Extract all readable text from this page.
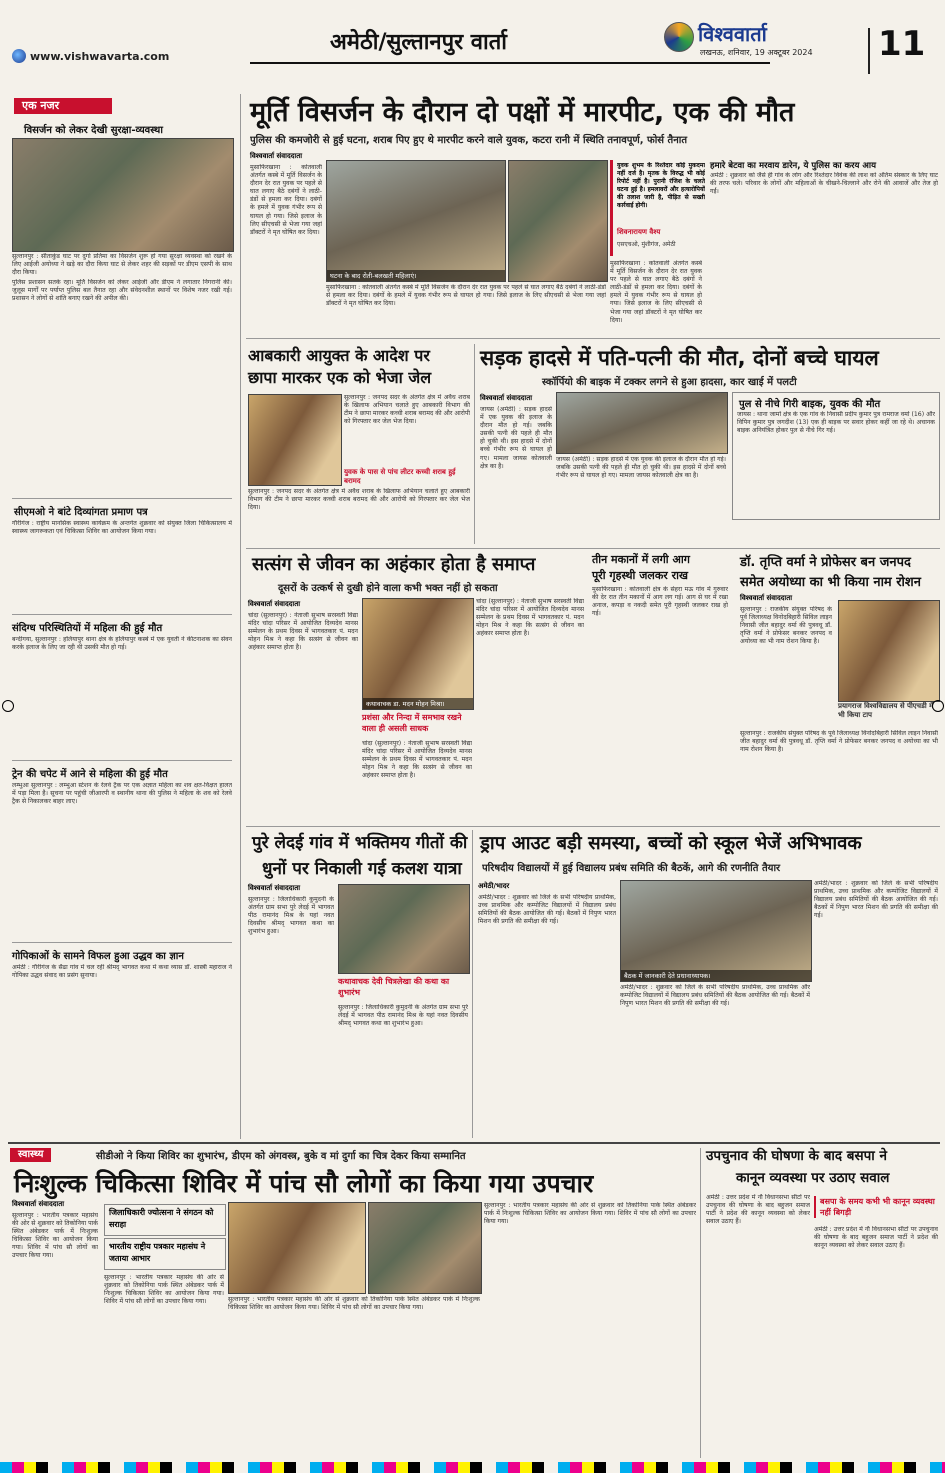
www.vishwavarta.com
अमेठी/सुल्तानपुर वार्ता	विश्ववार्ता
लखनऊ, शनिवार, 19 अक्टूबर 2024 11
एक नजर
विसर्जन को लेकर देखी सुरक्षा-व्यवस्था
सुल्तानपुर : सीताकुंड घाट पर दुर्गा प्रतिमा का विसर्जन शुरू हो गया सुरक्षा व्यवस्था को रखने के लिए आईजी अयोध्या ने खड़े का दौरा किया घाट से लेकर शहर की सड़कों पर डीएम एसपी के साथ दौरा किया।
पुलिस प्रशासन सतर्क रहा। मूर्ति विसर्जन को लेकर आईजी और डीएम ने लगातार निगरानी की। जुलूस मार्गों पर पर्याप्त पुलिस बल तैनात रहा और संवेदनशील स्थानों पर विशेष नजर रखी गई। प्रशासन ने लोगों से शांति बनाए रखने की अपील की।
सीएमओ ने बांटे दिव्यांगता प्रमाण पत्र
गौरीगंज : राष्ट्रीय मानसिक स्वास्थ्य कार्यक्रम के अन्तर्गत शुक्रवार को संयुक्त जिला चिकित्सालय में स्वास्थ्य जागरूकता एवं चिकित्सा शिविर का आयोजन किया गया।
संदिग्ध परिस्थितियों में महिला की हुई मौत
बन्दीगया, सुल्तानपुर : हलियापुर थाना क्षेत्र के हलियापुर कस्बे में एक युवती ने कीटनाशक का सेवन करके इलाज के लिए जा रही थी उसकी मौत हो गई।
ट्रेन की चपेट में आने से महिला की हुई मौत
लम्भुआ सुल्तानपुर : लम्भुआ स्टेशन के रेलवे ट्रैक पर एक अज्ञात महिला का शव क्षत-विक्षत हालत में पड़ा मिला है। सूचना पर पहुंची जीआरपी व स्थानीय थाना की पुलिस ने महिला के शव को रेलवे ट्रैक से निकालकर बाहर लाए।
गोपिकाओं के सामने विफल हुआ उद्धव का ज्ञान
अमेठी : गौरीगंज के सैढा गांव में चल रही श्रीमद् भागवत कथा में कथा व्यास डॉ. शास्त्री महाराज ने गोपिका उद्धव संवाद का प्रसंग सुनाया।
मूर्ति विसर्जन के दौरान दो पक्षों में मारपीट, एक की मौत
पुलिस की कमजोरी से हुई घटना, शराब पिए हुए थे मारपीट करने वाले युवक, कटरा रानी में स्थिति तनावपूर्ण, फोर्स तैनात
विश्ववार्ता संवाददाता
मुसाफिरखाना : कोतवाली अंतर्गत कस्बे में मूर्ति विसर्जन के दौरान देर रात युवक पर पहले से घात लगाए बैठे दबंगों ने लाठी-डंडों से हमला कर दिया। दबंगों के हमले में युवक गंभीर रूप से घायल हो गया। जिसे इलाज के लिए सीएचसी से भेजा गया जहां डॉक्टरों ने मृत घोषित कर दिया।
घटना के बाद रोती-बलखती महिलाएं।
मुसाफिरखाना : कोतवाली अंतर्गत कस्बे में मूर्ति विसर्जन के दौरान देर रात युवक पर पहले से घात लगाए बैठे दबंगों ने लाठी-डंडों से हमला कर दिया। दबंगों के हमले में युवक गंभीर रूप से घायल हो गया। जिसे इलाज के लिए सीएचसी से भेजा गया जहां डॉक्टरों ने मृत घोषित कर दिया।
युवक शुभम के रिश्तेदार कोई मुकदमा नहीं दर्ज है। मृतक के विरुद्ध भी कोई रिपोर्ट नहीं है। पुरानी रंजिश के चलते घटना हुई है। हमलावरों और हत्यारोपियों की तलाश जारी है, पीड़ित से सख्ती कार्रवाई होगी।
शिवनारायण वैश्य
एसएचओ, मुंशीगंज, अमेठी
मुसाफिरखाना : कोतवाली अंतर्गत कस्बे में मूर्ति विसर्जन के दौरान देर रात युवक पर पहले से घात लगाए बैठे दबंगों ने लाठी-डंडों से हमला कर दिया। दबंगों के हमले में युवक गंभीर रूप से घायल हो गया। जिसे इलाज के लिए सीएचसी से भेजा गया जहां डॉक्टरों ने मृत घोषित कर दिया।
हमारे बेटवा का मरवाय डारेन, ये पुलिस का करय आय
अमेठी : शुक्रवार को जैसे ही गांव के लोग और रिश्तेदार विवेक की लाश को अंतिम संस्कार के लिए घाट की तरफ चले। परिवार के लोगों और महिलाओं के चीखने-चिल्लाने और रोने की आवाजें और तेज हो गईं।
आबकारी आयुक्त के आदेश पर
छापा मारकर एक को भेजा जेल
सुल्तानपुर : जनपद सदर के अंतर्गत क्षेत्र में अवैध शराब के खिलाफ अभियान चलाते हुए आबकारी विभाग की टीम ने छापा मारकर कच्ची शराब बरामद की और आरोपी को गिरफ्तार कर जेल भेज दिया।
युवक के पास से पांच लीटर कच्ची शराब हुई बरामद
सुल्तानपुर : जनपद सदर के अंतर्गत क्षेत्र में अवैध शराब के खिलाफ अभियान चलाते हुए आबकारी विभाग की टीम ने छापा मारकर कच्ची शराब बरामद की और आरोपी को गिरफ्तार कर जेल भेज दिया।
सड़क हादसे में पति-पत्नी की मौत, दोनों बच्चे घायल
स्कॉर्पियो की बाइक में टक्कर लगने से हुआ हादसा, कार खाई में पलटी
विश्ववार्ता संवाददाता
जायस (अमेठी) : सड़क हादसे में एक युवक की इलाज के दौरान मौत हो गई। जबकि उसकी पत्नी की पहले ही मौत हो चुकी थी। इस हादसे में दोनों बच्चे गंभीर रूप से घायल हो गए। मामला जायस कोतवाली क्षेत्र का है।
जायस (अमेठी) : सड़क हादसे में एक युवक की इलाज के दौरान मौत हो गई। जबकि उसकी पत्नी की पहले ही मौत हो चुकी थी। इस हादसे में दोनों बच्चे गंभीर रूप से घायल हो गए। मामला जायस कोतवाली क्षेत्र का है।
पुल से नीचे गिरी बाइक, युवक की मौत
जायस : थाना जामों क्षेत्र के एक गांव के निवासी प्रदीप कुमार पुत्र रामराज वर्मा (16) और विपिन कुमार पुत्र जगदीश (13) एक ही बाइक पर सवार होकर कहीं जा रहे थे। अचानक बाइक अनियंत्रित होकर पुल से नीचे गिर गई।
सत्संग से जीवन का अहंकार होता है समाप्त
दूसरों के उत्कर्ष से दुखी होने वाला कभी भक्त नहीं हो सकता
विश्ववार्ता संवाददाता
चांदा (सुल्तानपुर) : नेताजी सुभाष सरस्वती विद्या मंदिर चांदा परिसर में आयोजित दिव्यदेव मानस सम्मेलन के प्रथम दिवस में भागवतकार पं. मदन मोहन मिश्र ने कहा कि सत्संग से जीवन का अहंकार समाप्त होता है।
कथावाचक डा. मदन मोहन मिश्रा।
प्रशंसा और निन्दा में समभाव रखने वाला ही असली साधक
चांदा (सुल्तानपुर) : नेताजी सुभाष सरस्वती विद्या मंदिर चांदा परिसर में आयोजित दिव्यदेव मानस सम्मेलन के प्रथम दिवस में भागवतकार पं. मदन मोहन मिश्र ने कहा कि सत्संग से जीवन का अहंकार समाप्त होता है।
चांदा (सुल्तानपुर) : नेताजी सुभाष सरस्वती विद्या मंदिर चांदा परिसर में आयोजित दिव्यदेव मानस सम्मेलन के प्रथम दिवस में भागवतकार पं. मदन मोहन मिश्र ने कहा कि सत्संग से जीवन का अहंकार समाप्त होता है।
तीन मकानों में लगी आग
पूरी गृहस्थी जलकर राख
मुसाफिरखाना : कोतवाली क्षेत्र के सेहरा मऊ गांव में गुरुवार की देर रात तीन मकानों में आग लग गई। आग से घर में रखा अनाज, कपड़ा व नकदी समेत पूरी गृहस्थी जलकर राख हो गई।
डॉ. तृप्ति वर्मा ने प्रोफेसर बन जनपद
समेत अयोध्या का भी किया नाम रोशन
विश्ववार्ता संवाददाता
सुल्तानपुर : राजकीय संयुक्त परिषद के पूर्व जिलाध्यक्ष विनोदबिहारी सिविल लाइन निवासी जीत बहादुर वर्मा की पुत्रवधू डॉ. तृप्ति वर्मा ने प्रोफेसर बनकर जनपद व अयोध्या का भी नाम रोशन किया है।
प्रयागराज विश्वविद्यालय से पीएचडी में भी किया टाप
सुल्तानपुर : राजकीय संयुक्त परिषद के पूर्व जिलाध्यक्ष विनोदबिहारी सिविल लाइन निवासी जीत बहादुर वर्मा की पुत्रवधू डॉ. तृप्ति वर्मा ने प्रोफेसर बनकर जनपद व अयोध्या का भी नाम रोशन किया है।
पुरे लेदई गांव में भक्तिमय गीतों की
धुनों पर निकाली गई कलश यात्रा
विश्ववार्ता संवाददाता
सुल्तानपुर : जिलाधिकारी कुमुदनी के अंतर्गत ग्राम सभा पुरे लेदई में भागवत पीठ रामानंद मिश्र के यहां नवत दिवसीय श्रीमद् भागवत कथा का शुभारंभ हुआ।
कथावाचक देवी चित्रलेखा की कथा का शुभारंभ
सुल्तानपुर : जिलाधिकारी कुमुदनी के अंतर्गत ग्राम सभा पुरे लेदई में भागवत पीठ रामानंद मिश्र के यहां नवत दिवसीय श्रीमद् भागवत कथा का शुभारंभ हुआ।
ड्राप आउट बड़ी समस्या, बच्चों को स्कूल भेजें अभिभावक
परिषदीय विद्यालयों में हुई विद्यालय प्रबंध समिति की बैठकें, आगे की रणनीति तैयार
अमेठी/भादर
अमेठी/भादर : शुक्रवार को जिले के सभी परिषदीय प्राथमिक, उच्च प्राथमिक और कम्पोजिट विद्यालयों में विद्यालय प्रबंध समितियों की बैठक आयोजित की गई। बैठकों में निपुण भारत मिशन की प्रगति की समीक्षा की गई।
बैठक में जानकारी देते प्रधानाध्यापक।
अमेठी/भादर : शुक्रवार को जिले के सभी परिषदीय प्राथमिक, उच्च प्राथमिक और कम्पोजिट विद्यालयों में विद्यालय प्रबंध समितियों की बैठक आयोजित की गई। बैठकों में निपुण भारत मिशन की प्रगति की समीक्षा की गई।
अमेठी/भादर : शुक्रवार को जिले के सभी परिषदीय प्राथमिक, उच्च प्राथमिक और कम्पोजिट विद्यालयों में विद्यालय प्रबंध समितियों की बैठक आयोजित की गई। बैठकों में निपुण भारत मिशन की प्रगति की समीक्षा की गई।
स्वास्थ्य	सीडीओ ने किया शिविर का शुभारंभ, डीएम को अंगवस्त्र, बुके व मां दुर्गा का चित्र देकर किया सम्मानित
निःशुल्क चिकित्सा शिविर में पांच सौ लोगों का किया गया उपचार
विश्ववार्ता संवाददाता
सुल्तानपुर : भारतीय पत्रकार महासंघ की ओर से शुक्रवार को तिकोनिया पार्क स्थित अंबेडकर पार्क में निःशुल्क चिकित्सा शिविर का आयोजन किया गया। शिविर में पांच सौ लोगों का उपचार किया गया।
जिलाधिकारी ज्योत्सना ने संगठन को सराहा
भारतीय राष्ट्रीय पत्रकार महासंघ ने जताया आभार
सुल्तानपुर : भारतीय पत्रकार महासंघ की ओर से शुक्रवार को तिकोनिया पार्क स्थित अंबेडकर पार्क में निःशुल्क चिकित्सा शिविर का आयोजन किया गया। शिविर में पांच सौ लोगों का उपचार किया गया।	सुल्तानपुर : भारतीय पत्रकार महासंघ की ओर से शुक्रवार को तिकोनिया पार्क स्थित अंबेडकर पार्क में निःशुल्क चिकित्सा शिविर का आयोजन किया गया। शिविर में पांच सौ लोगों का उपचार किया गया।
सुल्तानपुर : भारतीय पत्रकार महासंघ की ओर से शुक्रवार को तिकोनिया पार्क स्थित अंबेडकर पार्क में निःशुल्क चिकित्सा शिविर का आयोजन किया गया। शिविर में पांच सौ लोगों का उपचार किया गया।
उपचुनाव की घोषणा के बाद बसपा ने
कानून व्यवस्था पर उठाए सवाल
अमेठी : उत्तर प्रदेश में नौ विधानसभा सीटों पर उपचुनाव की घोषणा के बाद बहुजन समाज पार्टी ने प्रदेश की कानून व्यवस्था को लेकर सवाल उठाए हैं।
बसपा के समय कभी भी कानून व्यवस्था नहीं बिगड़ी
अमेठी : उत्तर प्रदेश में नौ विधानसभा सीटों पर उपचुनाव की घोषणा के बाद बहुजन समाज पार्टी ने प्रदेश की कानून व्यवस्था को लेकर सवाल उठाए हैं।
